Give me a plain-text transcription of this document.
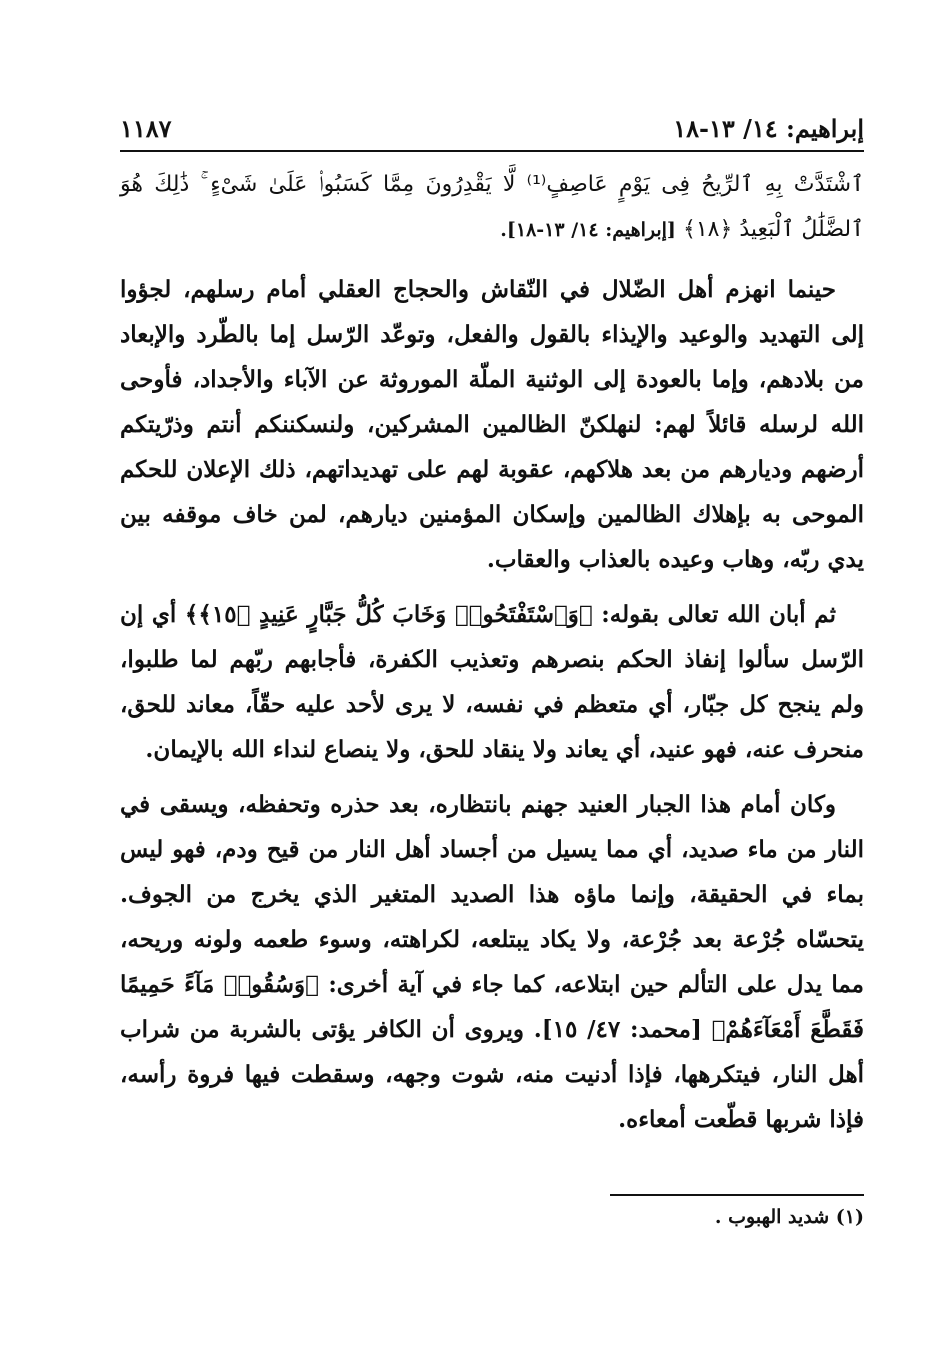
إبراهيم: ١٤/ ١٣-١٨
١١٨٧

ٱشْتَدَّتْ بِهِ ٱلرِّيحُ فِى يَوْمٍ عَاصِفٍ⁽¹⁾ لَّا يَقْدِرُونَ مِمَّا كَسَبُوا۟ عَلَىٰ شَىْءٍ ۚ ذَٰلِكَ هُوَ ٱلضَّلَٰلُ ٱلْبَعِيدُ ﴿١٨﴾ [إبراهيم: ١٤/ ١٣-١٨].

حينما انهزم أهل الضّلال في النّقاش والحجاج العقلي أمام رسلهم، لجؤوا إلى التهديد والوعيد والإيذاء بالقول والفعل، وتوعّد الرّسل إما بالطّرد والإبعاد من بلادهم، وإما بالعودة إلى الوثنية الملّة الموروثة عن الآباء والأجداد، فأوحى الله لرسله قائلاً لهم: لنهلكنّ الظالمين المشركين، ولنسكننكم أنتم وذرّيتكم أرضهم وديارهم من بعد هلاكهم، عقوبة لهم على تهديداتهم، ذلك الإعلان للحكم الموحى به بإهلاك الظالمين وإسكان المؤمنين ديارهم، لمن خاف موقفه بين يدي ربّه، وهاب وعيده بالعذاب والعقاب.

ثم أبان الله تعالى بقوله: ﴿وَٱسْتَفْتَحُوا۟ وَخَابَ كُلُّ جَبَّارٍ عَنِيدٍ ﴿١٥﴾﴾ أي إن الرّسل سألوا إنفاذ الحكم بنصرهم وتعذيب الكفرة، فأجابهم ربّهم لما طلبوا، ولم ينجح كل جبّار، أي متعظم في نفسه، لا يرى لأحد عليه حقّاً، معاند للحق، منحرف عنه، فهو عنيد، أي يعاند ولا ينقاد للحق، ولا ينصاع لنداء الله بالإيمان.

وكان أمام هذا الجبار العنيد جهنم بانتظاره، بعد حذره وتحفظه، ويسقى في النار من ماء صديد، أي مما يسيل من أجساد أهل النار من قيح ودم، فهو ليس بماء في الحقيقة، وإنما ماؤه هذا الصديد المتغير الذي يخرج من الجوف. يتحسّاه جُرْعة بعد جُرْعة، ولا يكاد يبتلعه، لكراهته، وسوء طعمه ولونه وريحه، مما يدل على التألم حين ابتلاعه، كما جاء في آية أخرى: ﴿وَسُقُوا۟ مَآءً حَمِيمًا فَقَطَّعَ أَمْعَآءَهُمْ﴾ [محمد: ٤٧/ ١٥]. ويروى أن الكافر يؤتى بالشربة من شراب أهل النار، فيتكرهها، فإذا أدنيت منه، شوت وجهه، وسقطت فيها فروة رأسه، فإذا شربها قطّعت أمعاءه.

(١) شديد الهبوب .
